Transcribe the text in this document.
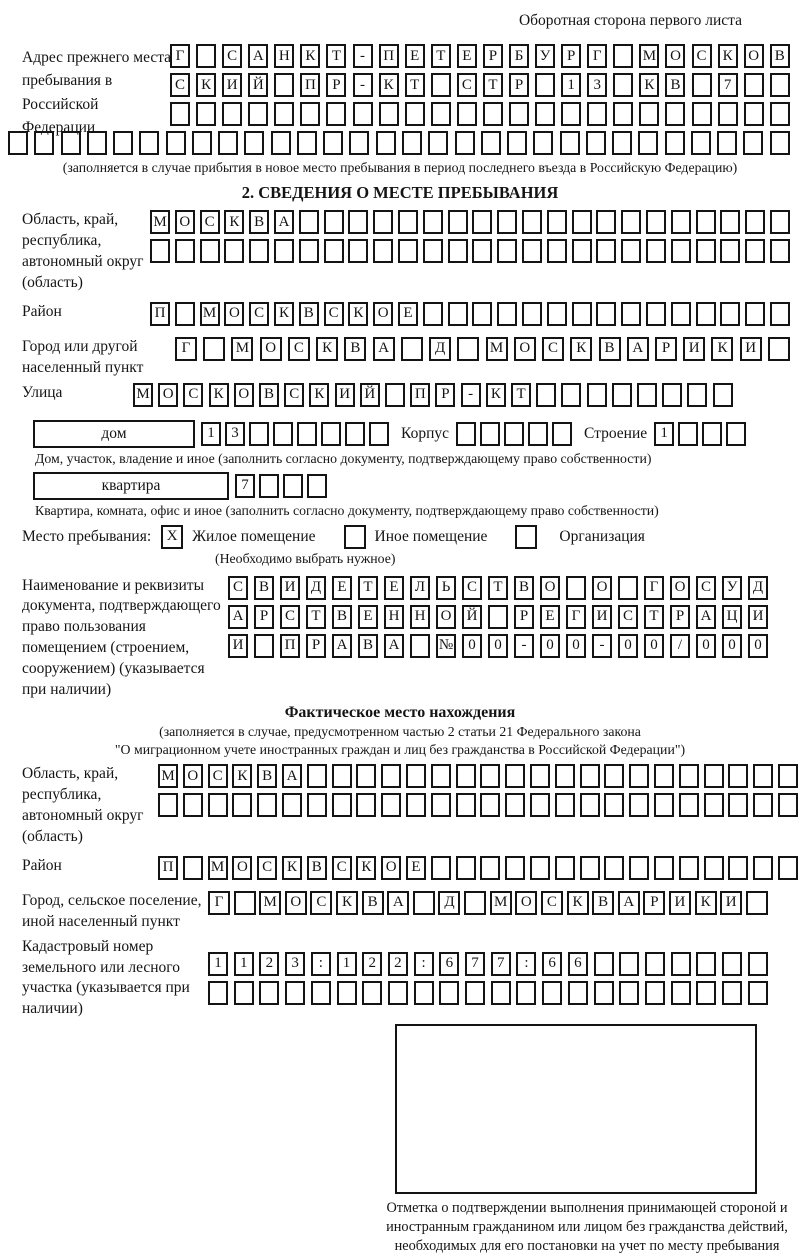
Оборотная сторона первого листа
Адрес прежнего места пребывания в Российской Федерации
Г	С	А	Н	К	Т	-	П	Е	Т	Е	Р	Б	У	Р	Г	М О	С	К	О	В
С	К	И	Й	П	Р	-	К	Т	С	Т	Р	1	3	К	В	7
(заполняется в случае прибытия в новое место пребывания в период последнего въезда в Российскую Федерацию)
2. СВЕДЕНИЯ О МЕСТЕ ПРЕБЫВАНИЯ
Область, край, республика, автономный округ (область)
М О С К В А
Район	П	М О С К В С К О Е
Город или другой населенный пункт
Г	М	О	С	К	В	А	Д	М	О	С	К	В	А	Р	И	К	И
Улица	М О С	К О В	С	К И Й	П	Р	-	К	Т
дом	1	3	Корпус	Строение 1
Дом, участок, владение и иное (заполнить согласно документу, подтверждающему право собственности)
квартира	7
Квартира, комната, офис и иное (заполнить согласно документу, подтверждающему право собственности)
Место пребывания:	X Жилое помещение	Иное помещение	Организация
(Необходимо выбрать нужное)
Наименование и реквизиты документа, подтверждающего право пользования помещением (строением, сооружением) (указывается при наличии)
С	В	И	Д	Е	Т	Е	Л	Ь	С	Т	В	О	О	Г	О	С	У	Д
А	Р	С	Т	В	Е	Н	Н	О	Й	Р	Е	Г	И	С	Т	Р	А	Ц	И
И	П	Р	А	В	А	№	0	0	-	0	0	-	0	0	/	0	0	0
Фактическое место нахождения
(заполняется в случае, предусмотренном частью 2 статьи 21 Федерального закона
"О миграционном учете иностранных граждан и лиц без гражданства в Российской Федерации")
Область, край, республика, автономный округ (область)
М О С К В А
Район	П	М О С К В С К О Е
Город, сельское поселение, иной населенный пункт
Г	М О	С	К	В	А	Д	М О	С	К	В	А	Р	И	К	И
Кадастровый номер земельного или лесного участка (указывается при наличии)
1	1	2	3	:	1	2	2	:	6	7	7	:	6	6
Отметка о подтверждении выполнения принимающей стороной и иностранным гражданином или лицом без гражданства действий, необходимых для его постановки на учет по месту пребывания
